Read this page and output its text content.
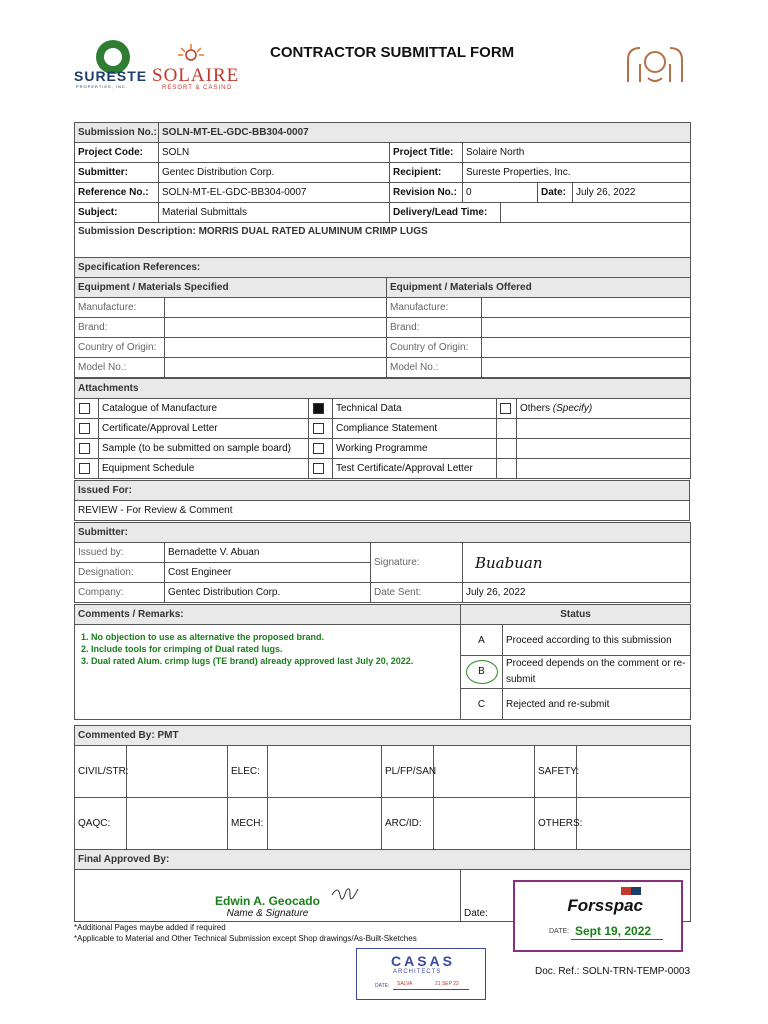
SURESTE
PROPERTIES, INC.
SOLAIRE
RESORT & CASINO
CONTRACTOR SUBMITTAL FORM
Submission No.:	SOLN-MT-EL-GDC-BB304-0007					
Project Code:	SOLN	Project Title:	Solaire North			
Submitter:	Gentec Distribution Corp.	Recipient:	Sureste Properties, Inc.			
Reference No.:	SOLN-MT-EL-GDC-BB304-0007	Revision No.:	0		Date:	July 26, 2022
Subject:	Material Submittals	Delivery/Lead Time:				
Submission Description: MORRIS DUAL RATED ALUMINUM CRIMP LUGS						
Specification References:			
Equipment / Materials Specified		Equipment / Materials Offered	
Manufacture:		Manufacture:	
Brand:		Brand:	
Country of Origin:		Country of Origin:	
Model No.:		Model No.:	
Attachments					
	Catalogue of Manufacture		Technical Data		Others (Specify)
	Certificate/Approval Letter		Compliance Statement		
	Sample (to be submitted on sample board)		Working Programme		
	Equipment Schedule		Test Certificate/Approval Letter		
Issued For:
REVIEW - For Review & Comment
Submitter:			
Issued by:	Bernadette V. Abuan	Signature:	Buabuan
Designation:	Cost Engineer		
Company:	Gentec Distribution Corp.	Date Sent:	July 26, 2022
Comments / Remarks:	Status	

1. No objection to use as alternative the proposed brand.
2. Include tools for crimping of Dual rated lugs.
3. Dual rated Alum. crimp lugs (TE brand) already approved last July 20, 2022.	A	Proceed according to this submission
	B	Proceed depends on the comment or re-submit
	C	Rejected and re-submit
Commented By: PMT							
CIVIL/STR:		ELEC:		PL/FP/SAN		SAFETY:	
QAQC:		MECH:		ARC/ID:		OTHERS:	
Final Approved By:

Edwin A. Geocado
Name & Signature	Date:	Forsspac
DATE: Sept 19, 2022
*Additional Pages maybe added if required
*Applicable to Material and Other Technical Submission except Shop drawings/As-Built-Sketches
CASAS
ARCHITECTS
DATE: SALVA	21 SEP 22
Doc. Ref.: SOLN-TRN-TEMP-0003
